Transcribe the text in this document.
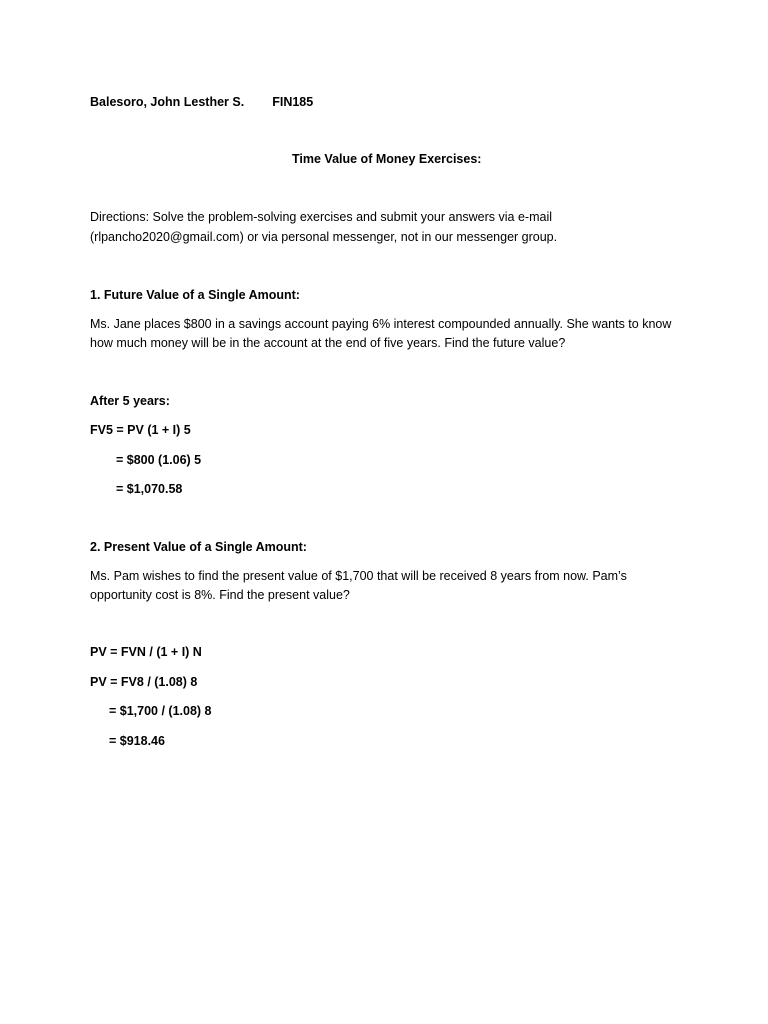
Balesoro, John Lesther S. FIN185
Time Value of Money Exercises:
Directions: Solve the problem-solving exercises and submit your answers via e-mail
(rlpancho2020@gmail.com) or via personal messenger, not in our messenger group.
1. Future Value of a Single Amount:
Ms. Jane places $800 in a savings account paying 6% interest compounded annually. She wants to know
how much money will be in the account at the end of five years. Find the future value?
After 5 years:
FV5 = PV (1 + I) 5
= $800 (1.06) 5
= $1,070.58
2. Present Value of a Single Amount:
Ms. Pam wishes to find the present value of $1,700 that will be received 8 years from now. Pam’s
opportunity cost is 8%. Find the present value?
PV = FVN / (1 + I) N
PV = FV8 / (1.08) 8
= $1,700 / (1.08) 8
= $918.46
